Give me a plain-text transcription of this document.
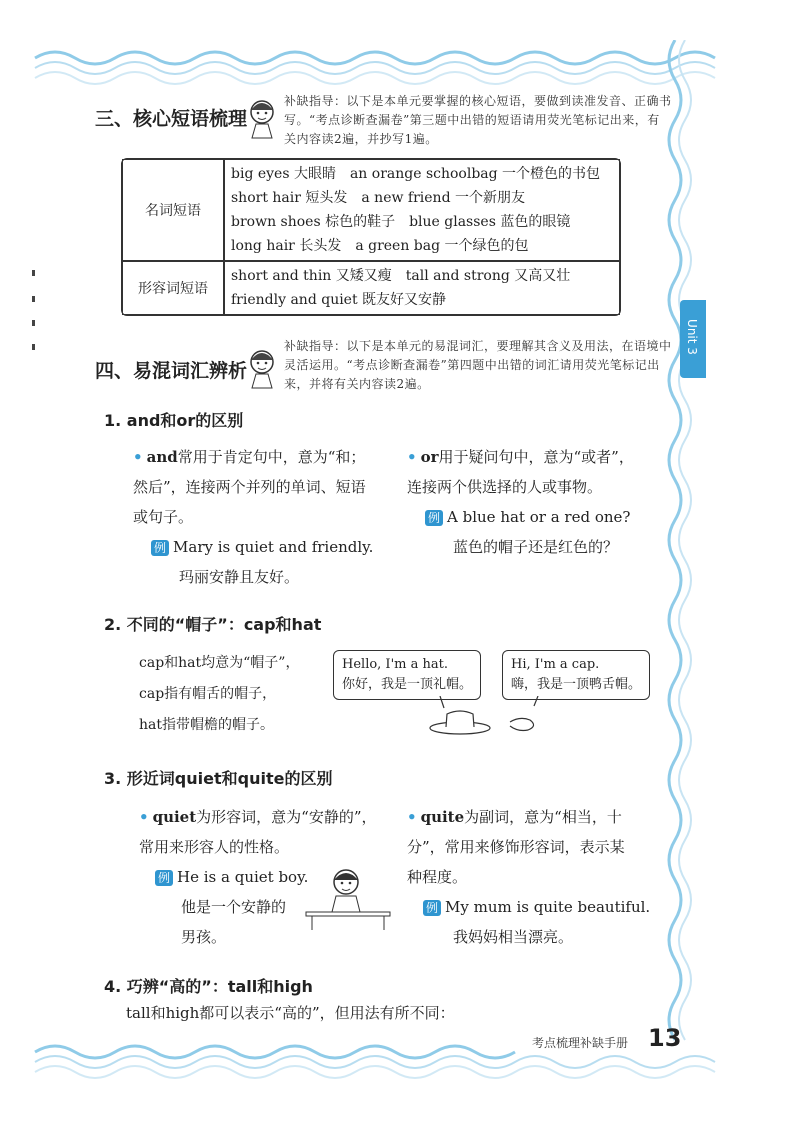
三、核心短语梳理
补缺指导：以下是本单元要掌握的核心短语，要做到读准发音、正确书
写。“考点诊断查漏卷”第三题中出错的短语请用荧光笔标记出来，有
关内容读2遍，并抄写1遍。
名词短语	big eyes 大眼睛　an orange schoolbag 一个橙色的书包
short hair 短头发　a new friend 一个新朋友
brown shoes 棕色的鞋子　blue glasses 蓝色的眼镜
long hair 长头发　a green bag 一个绿色的包

形容词短语	short and thin 又矮又瘦　tall and strong 又高又壮
friendly and quiet 既友好又安静
Unit 3
四、易混词汇辨析
补缺指导：以下是本单元的易混词汇，要理解其含义及用法，在语境中
灵活运用。“考点诊断查漏卷”第四题中出错的词汇请用荧光笔标记出
来，并将有关内容读2遍。
1. and和or的区别
• and常用于肯定句中，意为“和；
然后”，连接两个并列的单词、短语
或句子。
例 Mary is quiet and friendly.
玛丽安静且友好。
• or用于疑问句中，意为“或者”，
连接两个供选择的人或事物。
例 A blue hat or a red one?
蓝色的帽子还是红色的？
2. 不同的“帽子”：cap和hat
cap和hat均意为“帽子”，
cap指有帽舌的帽子，
hat指带帽檐的帽子。
Hello, I'm a hat.
你好，我是一顶礼帽。
Hi, I'm a cap.
嗨，我是一顶鸭舌帽。
3. 形近词quiet和quite的区别
• quiet为形容词，意为“安静的”，
常用来形容人的性格。
例 He is a quiet boy.
他是一个安静的
男孩。
• quite为副词，意为“相当，十
分”，常用来修饰形容词，表示某
种程度。
例 My mum is quite beautiful.
我妈妈相当漂亮。
4. 巧辨“高的”：tall和high
tall和high都可以表示“高的”，但用法有所不同：
考点梳理补缺手册 13
